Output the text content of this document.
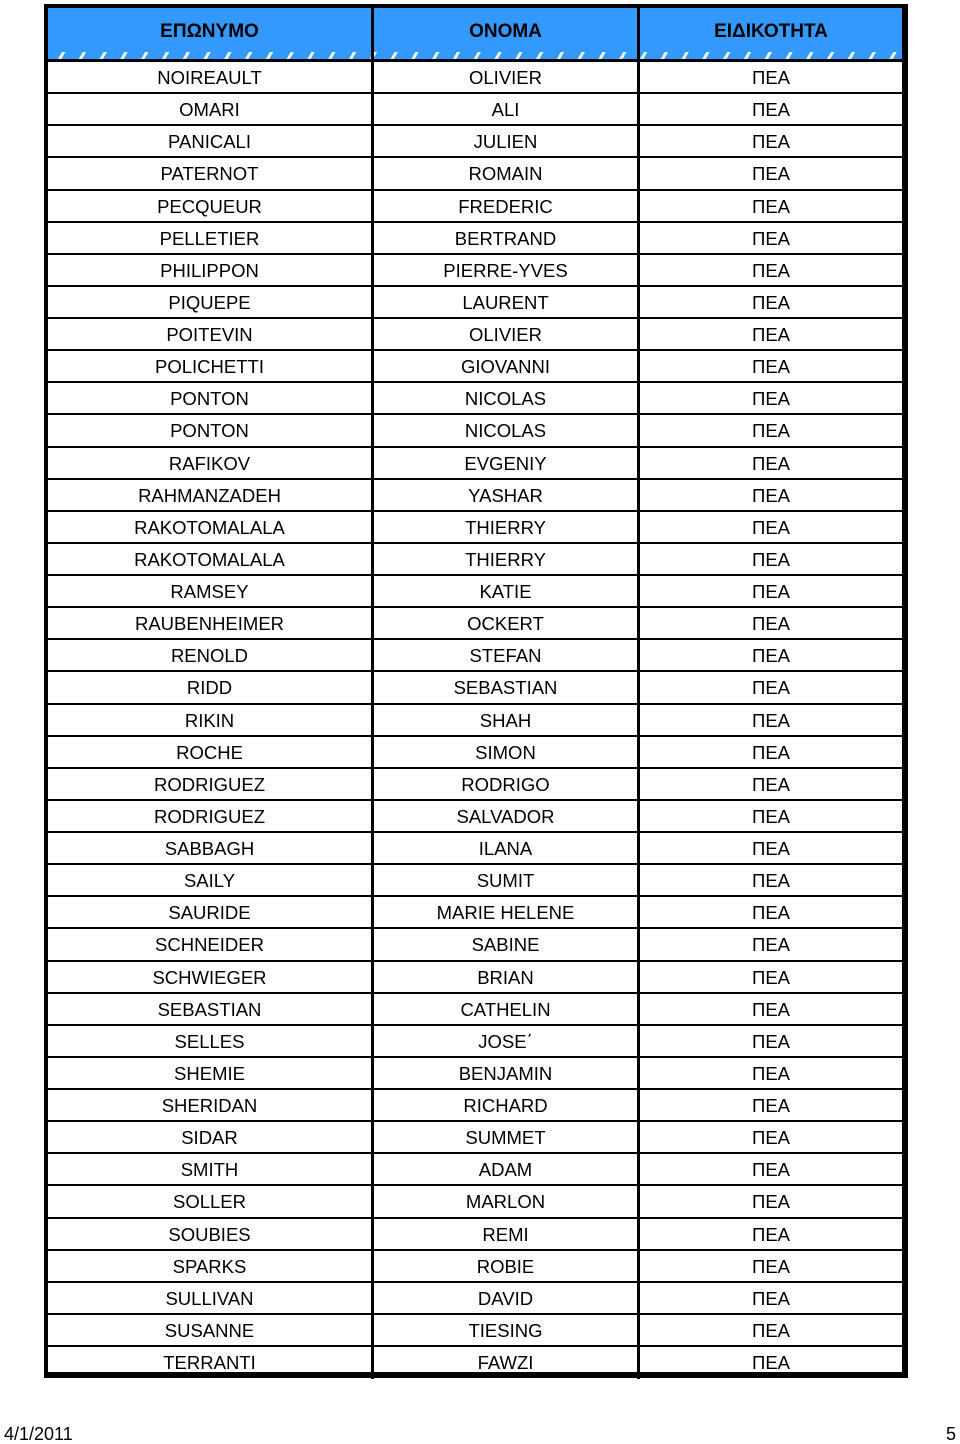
ΕΠΩΝΥΜΟ	ΟΝΟΜΑ	ΕΙΔΙΚΟΤΗΤΑ
NOIREAULT	OLIVIER	ΠΕΑ
OMARI	ALI	ΠΕΑ
PANICALI	JULIEN	ΠΕΑ
PATERNOT	ROMAIN	ΠΕΑ
PECQUEUR	FREDERIC	ΠΕΑ
PELLETIER	BERTRAND	ΠΕΑ
PHILIPPON	PIERRE-YVES	ΠΕΑ
PIQUEPE	LAURENT	ΠΕΑ
POITEVIN	OLIVIER	ΠΕΑ
POLICHETTI	GIOVANNI	ΠΕΑ
PONTON	NICOLAS	ΠΕΑ
PONTON	NICOLAS	ΠΕΑ
RAFIKOV	EVGENIY	ΠΕΑ
RAHMANZADEH	YASHAR	ΠΕΑ
RAKOTOMALALA	THIERRY	ΠΕΑ
RAKOTOMALALA	THIERRY	ΠΕΑ
RAMSEY	KATIE	ΠΕΑ
RAUBENHEIMER	OCKERT	ΠΕΑ
RENOLD	STEFAN	ΠΕΑ
RIDD	SEBASTIAN	ΠΕΑ
RIKIN	SHAH	ΠΕΑ
ROCHE	SIMON	ΠΕΑ
RODRIGUEZ	RODRIGO	ΠΕΑ
RODRIGUEZ	SALVADOR	ΠΕΑ
SABBAGH	ILANA	ΠΕΑ
SAILY	SUMIT	ΠΕΑ
SAURIDE	MARIE HELENE	ΠΕΑ
SCHNEIDER	SABINE	ΠΕΑ
SCHWIEGER	BRIAN	ΠΕΑ
SEBASTIAN	CATHELIN	ΠΕΑ
SELLES	JOSE΄	ΠΕΑ
SHEMIE	BENJAMIN	ΠΕΑ
SHERIDAN	RICHARD	ΠΕΑ
SIDAR	SUMMET	ΠΕΑ
SMITH	ADAM	ΠΕΑ
SOLLER	MARLON	ΠΕΑ
SOUBIES	REMI	ΠΕΑ
SPARKS	ROBIE	ΠΕΑ
SULLIVAN	DAVID	ΠΕΑ
SUSANNE	TIESING	ΠΕΑ
TERRANTI	FAWZI	ΠΕΑ
4/1/2011	5
